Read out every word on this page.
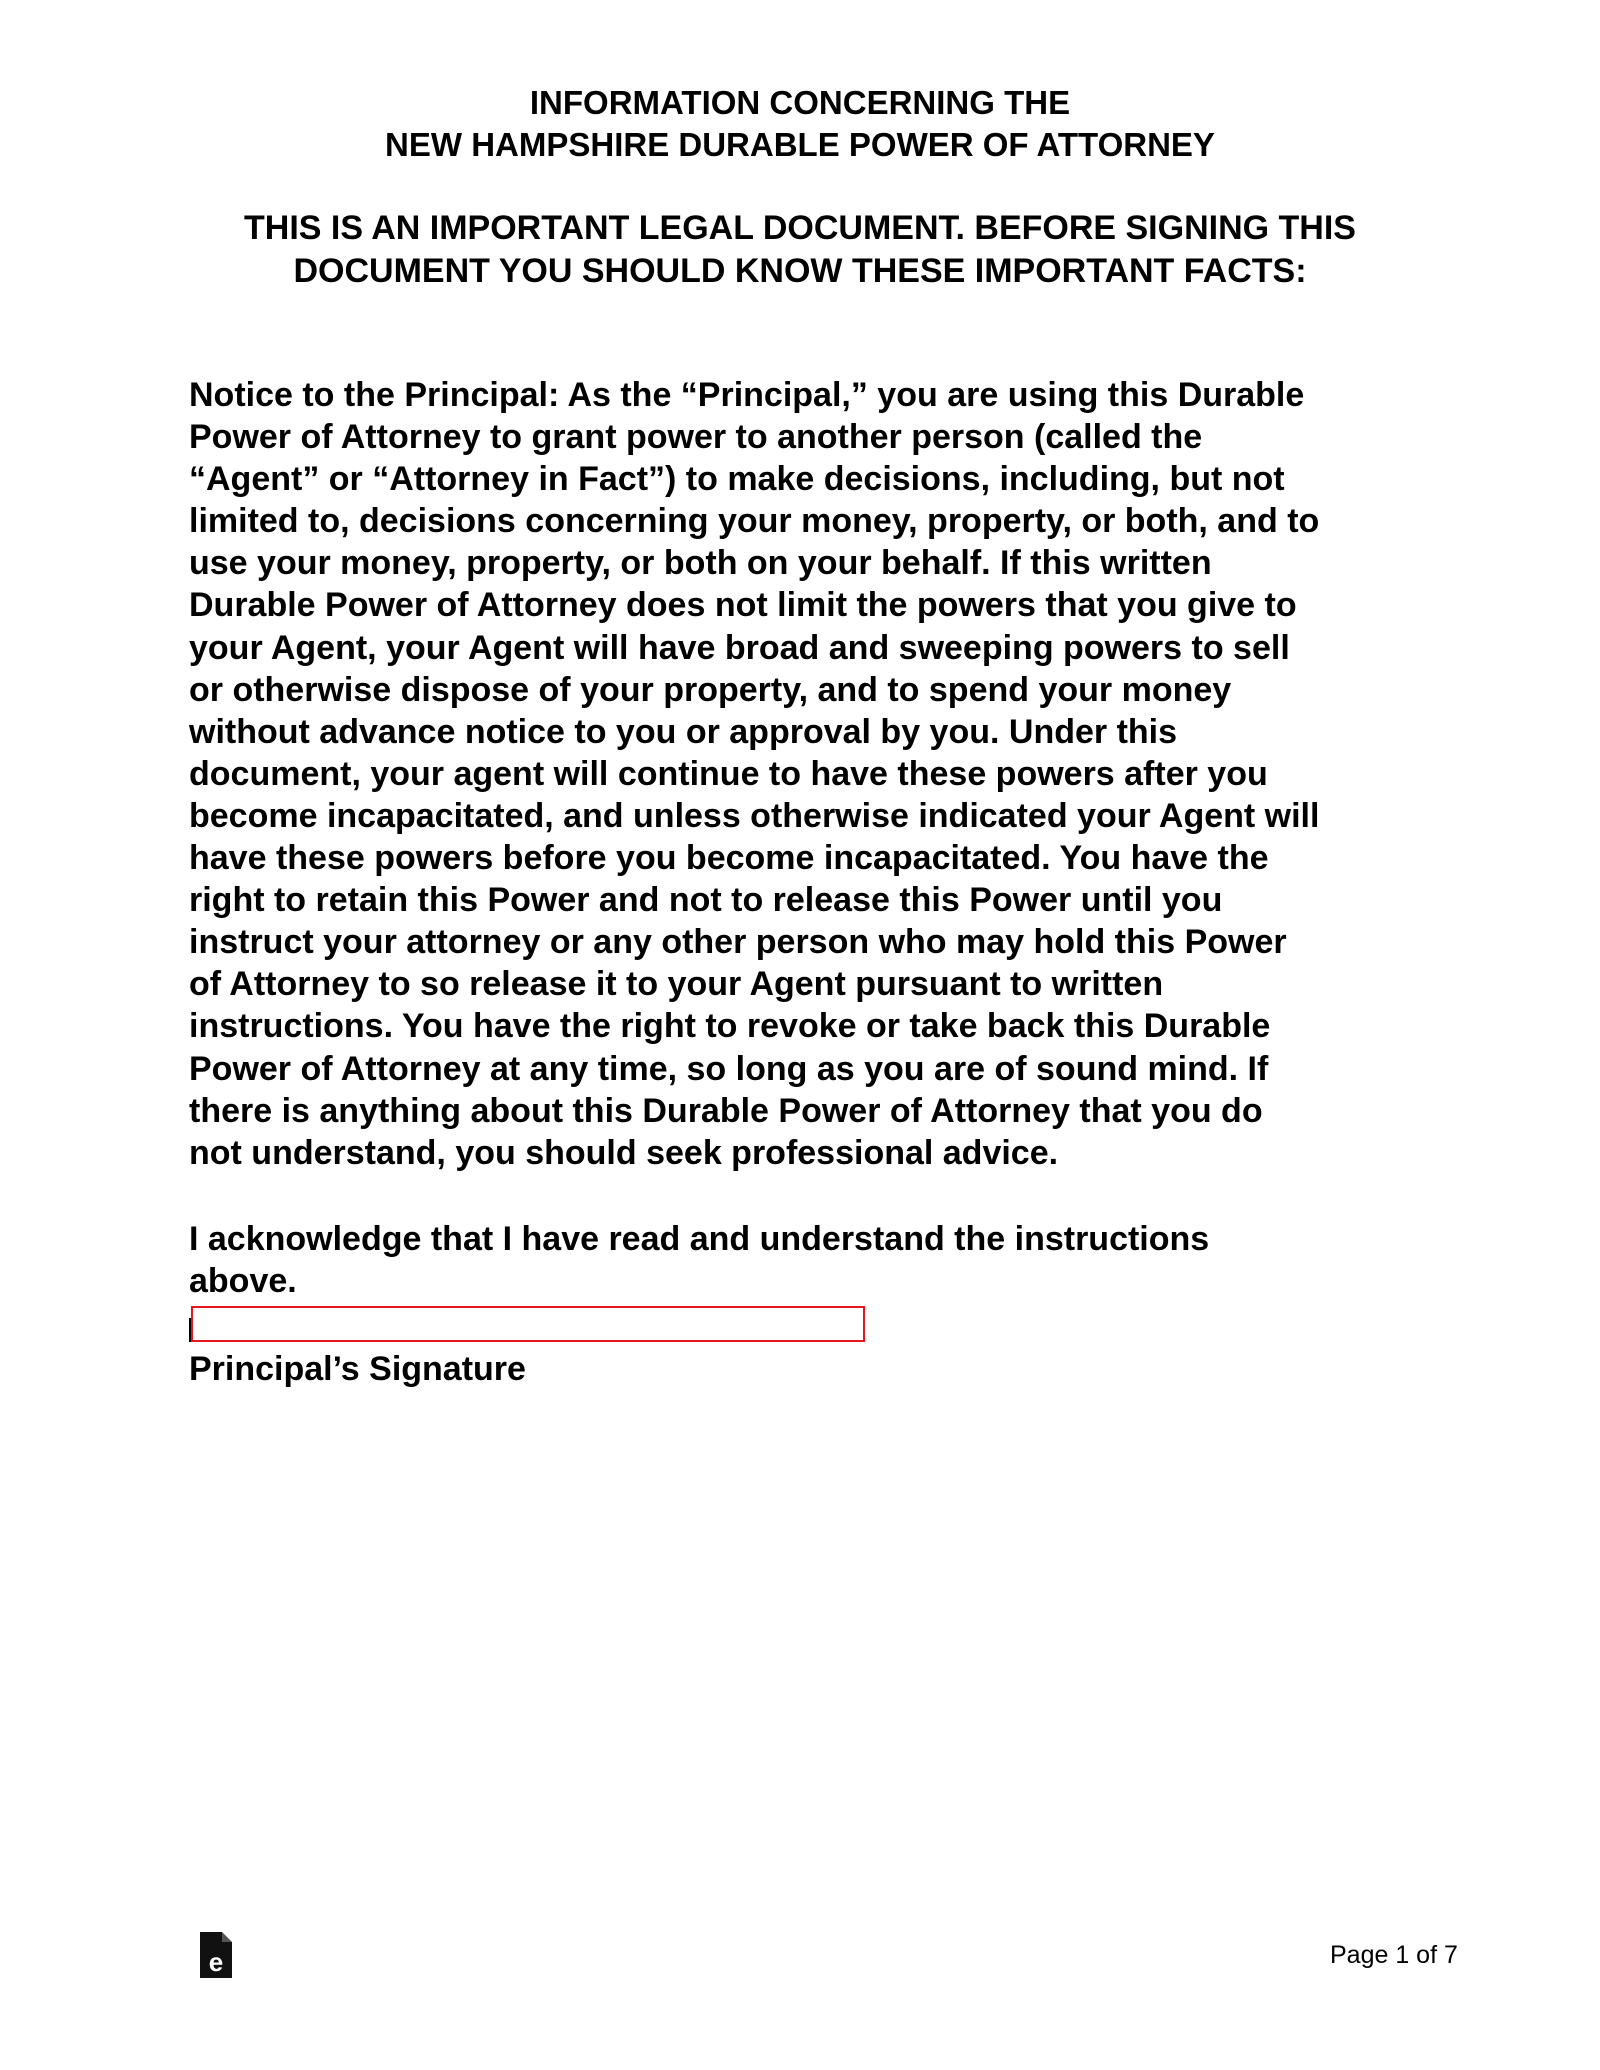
INFORMATION CONCERNING THE
NEW HAMPSHIRE DURABLE POWER OF ATTORNEY
THIS IS AN IMPORTANT LEGAL DOCUMENT. BEFORE SIGNING THIS
DOCUMENT YOU SHOULD KNOW THESE IMPORTANT FACTS:
Notice to the Principal: As the “Principal,” you are using this Durable
Power of Attorney to grant power to another person (called the
“Agent” or “Attorney in Fact”) to make decisions, including, but not
limited to, decisions concerning your money, property, or both, and to
use your money, property, or both on your behalf. If this written
Durable Power of Attorney does not limit the powers that you give to
your Agent, your Agent will have broad and sweeping powers to sell
or otherwise dispose of your property, and to spend your money
without advance notice to you or approval by you. Under this
document, your agent will continue to have these powers after you
become incapacitated, and unless otherwise indicated your Agent will
have these powers before you become incapacitated. You have the
right to retain this Power and not to release this Power until you
instruct your attorney or any other person who may hold this Power
of Attorney to so release it to your Agent pursuant to written
instructions. You have the right to revoke or take back this Durable
Power of Attorney at any time, so long as you are of sound mind. If
there is anything about this Durable Power of Attorney that you do
not understand, you should seek professional advice.
I acknowledge that I have read and understand the instructions
above.
Principal’s Signature
e	Page 1 of 7
